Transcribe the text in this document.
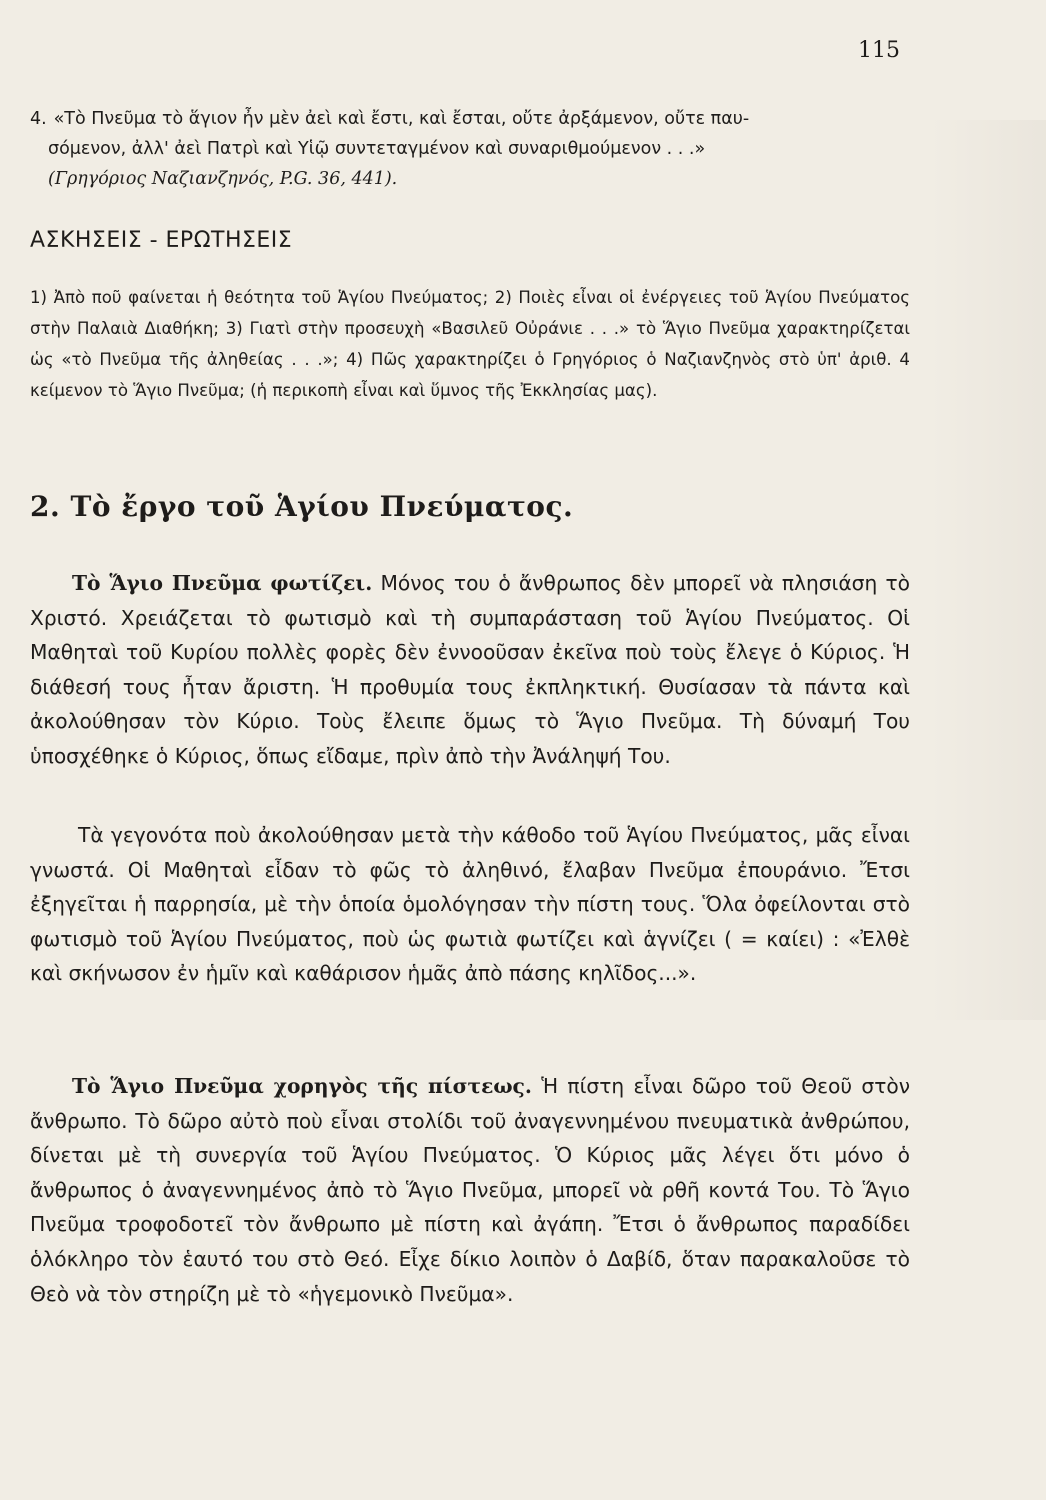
115
4. «Τὸ Πνεῦμα τὸ ἅγιον ἦν μὲν ἀεὶ καὶ ἔστι, καὶ ἔσται, οὔτε ἀρξάμενον, οὔτε παυ-
σόμενον, ἀλλ' ἀεὶ Πατρὶ καὶ Υἱῷ συντεταγμένον καὶ συναριθμούμενον . . .»
(Γρηγόριος Ναζιανζηνός, P.G. 36, 441).
ΑΣΚΗΣΕΙΣ - ΕΡΩΤΗΣΕΙΣ
1) Ἀπὸ ποῦ φαίνεται ἡ θεότητα τοῦ Ἁγίου Πνεύματος; 2) Ποιὲς εἶναι οἱ ἐνέργειες τοῦ Ἁγίου Πνεύματος στὴν Παλαιὰ Διαθήκη; 3) Γιατὶ στὴν προσευχὴ «Βασιλεῦ Οὐράνιε . . .» τὸ Ἅγιο Πνεῦμα χαρακτηρίζεται ὡς «τὸ Πνεῦμα τῆς ἀληθείας . . .»; 4) Πῶς χαρακτηρίζει ὁ Γρηγόριος ὁ Ναζιανζηνὸς στὸ ὑπ' ἀριθ. 4 κείμενον τὸ Ἅγιο Πνεῦμα; (ἡ περικοπὴ εἶναι καὶ ὕμνος τῆς Ἐκκλησίας μας).
2. Τὸ ἔργο τοῦ Ἁγίου Πνεύματος.
Τὸ Ἅγιο Πνεῦμα φωτίζει. Μόνος του ὁ ἄνθρωπος δὲν μπορεῖ νὰ πλησιάση τὸ Χριστό. Χρειάζεται τὸ φωτισμὸ καὶ τὴ συμπαράσταση τοῦ Ἁγίου Πνεύματος. Οἱ Μαθηταὶ τοῦ Κυρίου πολλὲς φορὲς δὲν ἐννοοῦσαν ἐκεῖνα ποὺ τοὺς ἔλεγε ὁ Κύριος. Ἡ διάθεσή τους ἦταν ἄριστη. Ἡ προθυμία τους ἐκπληκτική. Θυσίασαν τὰ πάντα καὶ ἀκολούθησαν τὸν Κύριο. Τοὺς ἔλειπε ὅμως τὸ Ἅγιο Πνεῦμα. Τὴ δύναμή Του ὑποσχέθηκε ὁ Κύριος, ὅπως εἴδαμε, πρὶν ἀπὸ τὴν Ἀνάληψή Του.
Τὰ γεγονότα ποὺ ἀκολούθησαν μετὰ τὴν κάθοδο τοῦ Ἁγίου Πνεύματος, μᾶς εἶναι γνωστά. Οἱ Μαθηταὶ εἶδαν τὸ φῶς τὸ ἀληθινό, ἔλαβαν Πνεῦμα ἐπουράνιο. Ἔτσι ἐξηγεῖται ἡ παρρησία, μὲ τὴν ὁποία ὁμολόγησαν τὴν πίστη τους. Ὅλα ὀφείλονται στὸ φωτισμὸ τοῦ Ἁγίου Πνεύματος, ποὺ ὡς φωτιὰ φωτίζει καὶ ἁγνίζει ( = καίει) : «Ἐλθὲ καὶ σκήνωσον ἐν ἡμῖν καὶ καθάρισον ἡμᾶς ἀπὸ πάσης κηλῖδος...».
Τὸ Ἅγιο Πνεῦμα χορηγὸς τῆς πίστεως. Ἡ πίστη εἶναι δῶρο τοῦ Θεοῦ στὸν ἄνθρωπο. Τὸ δῶρο αὐτὸ ποὺ εἶναι στολίδι τοῦ ἀναγεννημένου πνευματικὰ ἀνθρώπου, δίνεται μὲ τὴ συνεργία τοῦ Ἁγίου Πνεύματος. Ὁ Κύριος μᾶς λέγει ὅτι μόνο ὁ ἄνθρωπος ὁ ἀναγεννημένος ἀπὸ τὸ Ἅγιο Πνεῦμα, μπορεῖ νὰ ρθῆ κοντά Του. Τὸ Ἅγιο Πνεῦμα τροφοδοτεῖ τὸν ἄνθρωπο μὲ πίστη καὶ ἀγάπη. Ἔτσι ὁ ἄνθρωπος παραδίδει ὁλόκληρο τὸν ἑαυτό του στὸ Θεό. Εἶχε δίκιο λοιπὸν ὁ Δαβίδ, ὅταν παρακαλοῦσε τὸ Θεὸ νὰ τὸν στηρίζη μὲ τὸ «ἡγεμονικὸ Πνεῦμα».
